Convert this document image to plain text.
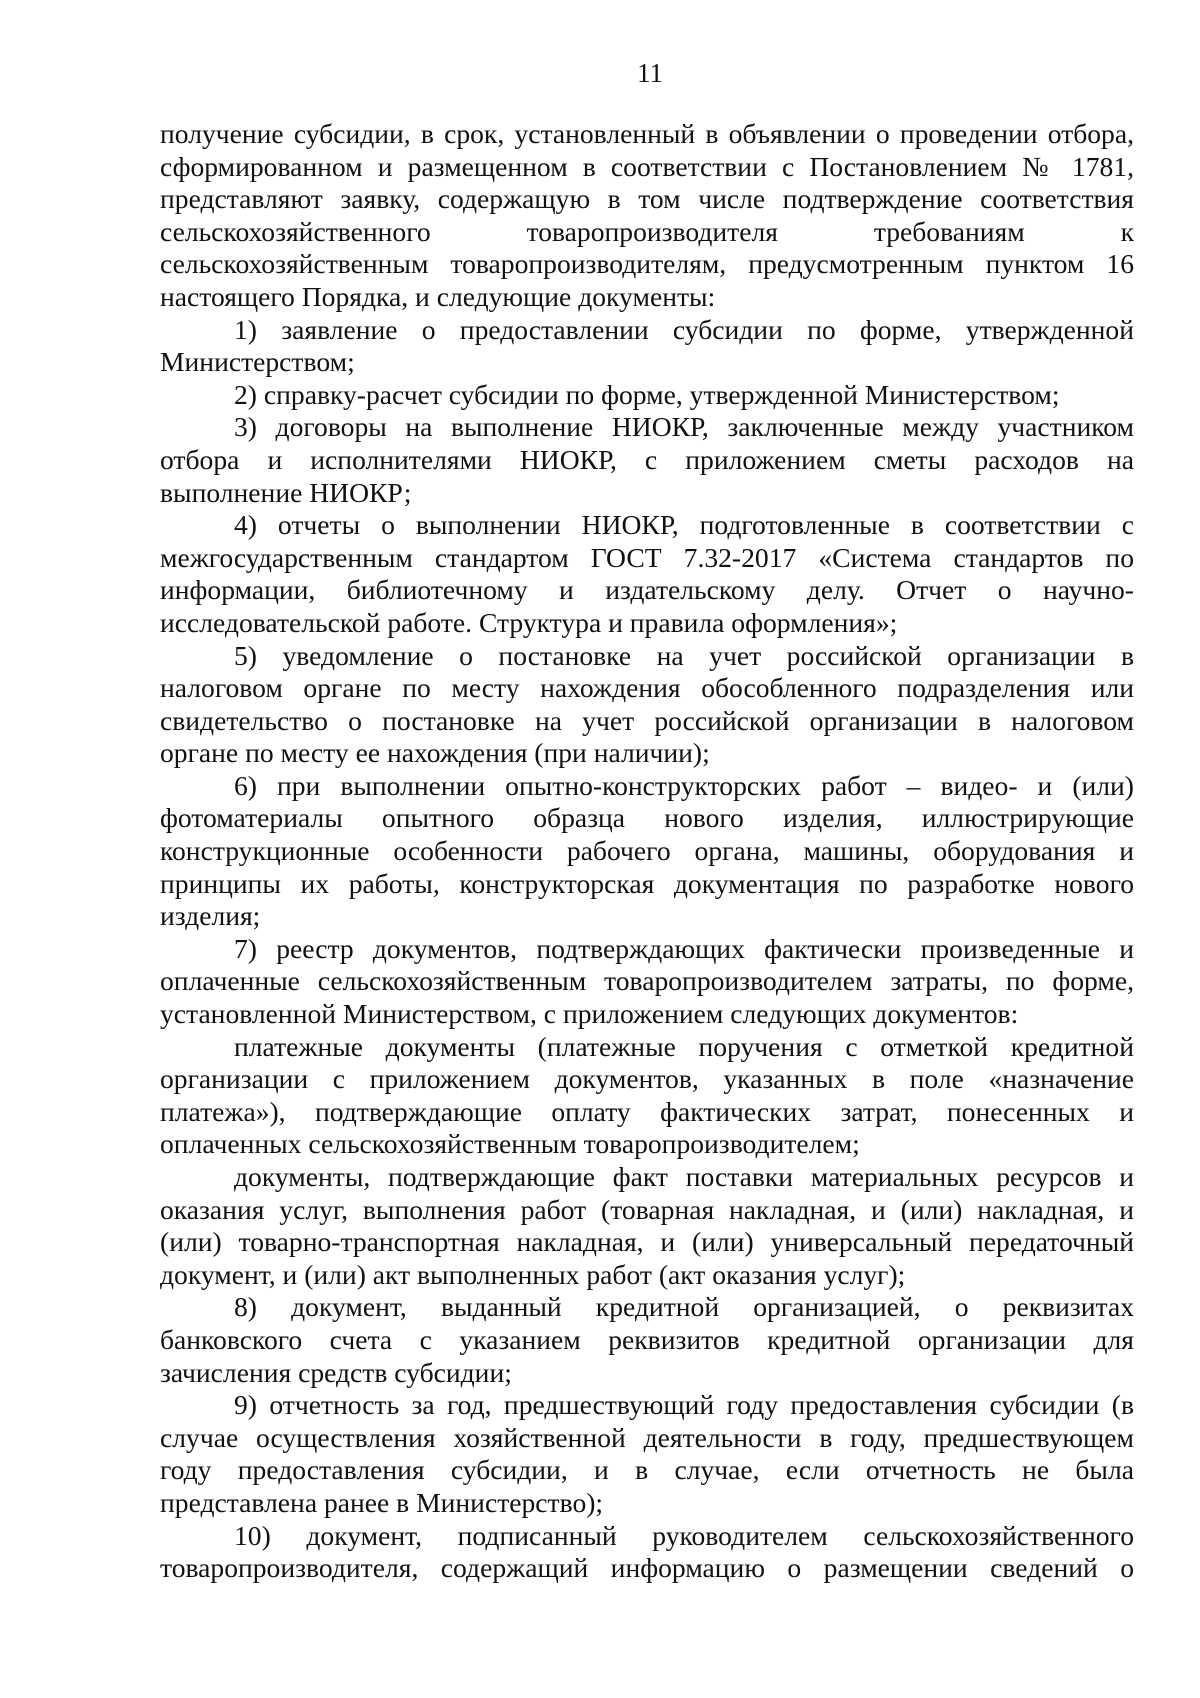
11

получение субсидии, в срок, установленный в объявлении о проведении отбора,
сформированном и размещенном в соответствии с Постановлением № 1781,
представляют заявку, содержащую в том числе подтверждение соответствия
сельскохозяйственного товаропроизводителя требованиям к
сельскохозяйственным товаропроизводителям, предусмотренным пунктом 16
настоящего Порядка, и следующие документы:

1) заявление о предоставлении субсидии по форме, утвержденной
Министерством;

2) справку-расчет субсидии по форме, утвержденной Министерством;

3) договоры на выполнение НИОКР, заключенные между участником
отбора и исполнителями НИОКР, с приложением сметы расходов на
выполнение НИОКР;

4) отчеты о выполнении НИОКР, подготовленные в соответствии с
межгосударственным стандартом ГОСТ 7.32-2017 «Система стандартов по
информации, библиотечному и издательскому делу. Отчет о научно-
исследовательской работе. Структура и правила оформления»;

5) уведомление о постановке на учет российской организации в
налоговом органе по месту нахождения обособленного подразделения или
свидетельство о постановке на учет российской организации в налоговом
органе по месту ее нахождения (при наличии);

6) при выполнении опытно-конструкторских работ – видео- и (или)
фотоматериалы опытного образца нового изделия, иллюстрирующие
конструкционные особенности рабочего органа, машины, оборудования и
принципы их работы, конструкторская документация по разработке нового
изделия;

7) реестр документов, подтверждающих фактически произведенные и
оплаченные сельскохозяйственным товаропроизводителем затраты, по форме,
установленной Министерством, с приложением следующих документов:

платежные документы (платежные поручения с отметкой кредитной
организации с приложением документов, указанных в поле «назначение
платежа»), подтверждающие оплату фактических затрат, понесенных и
оплаченных сельскохозяйственным товаропроизводителем;

документы, подтверждающие факт поставки материальных ресурсов и
оказания услуг, выполнения работ (товарная накладная, и (или) накладная, и
(или) товарно-транспортная накладная, и (или) универсальный передаточный
документ, и (или) акт выполненных работ (акт оказания услуг);

8) документ, выданный кредитной организацией, о реквизитах
банковского счета с указанием реквизитов кредитной организации для
зачисления средств субсидии;

9) отчетность за год, предшествующий году предоставления субсидии (в
случае осуществления хозяйственной деятельности в году, предшествующем
году предоставления субсидии, и в случае, если отчетность не была
представлена ранее в Министерство);

10) документ, подписанный руководителем сельскохозяйственного
товаропроизводителя, содержащий информацию о размещении сведений о
